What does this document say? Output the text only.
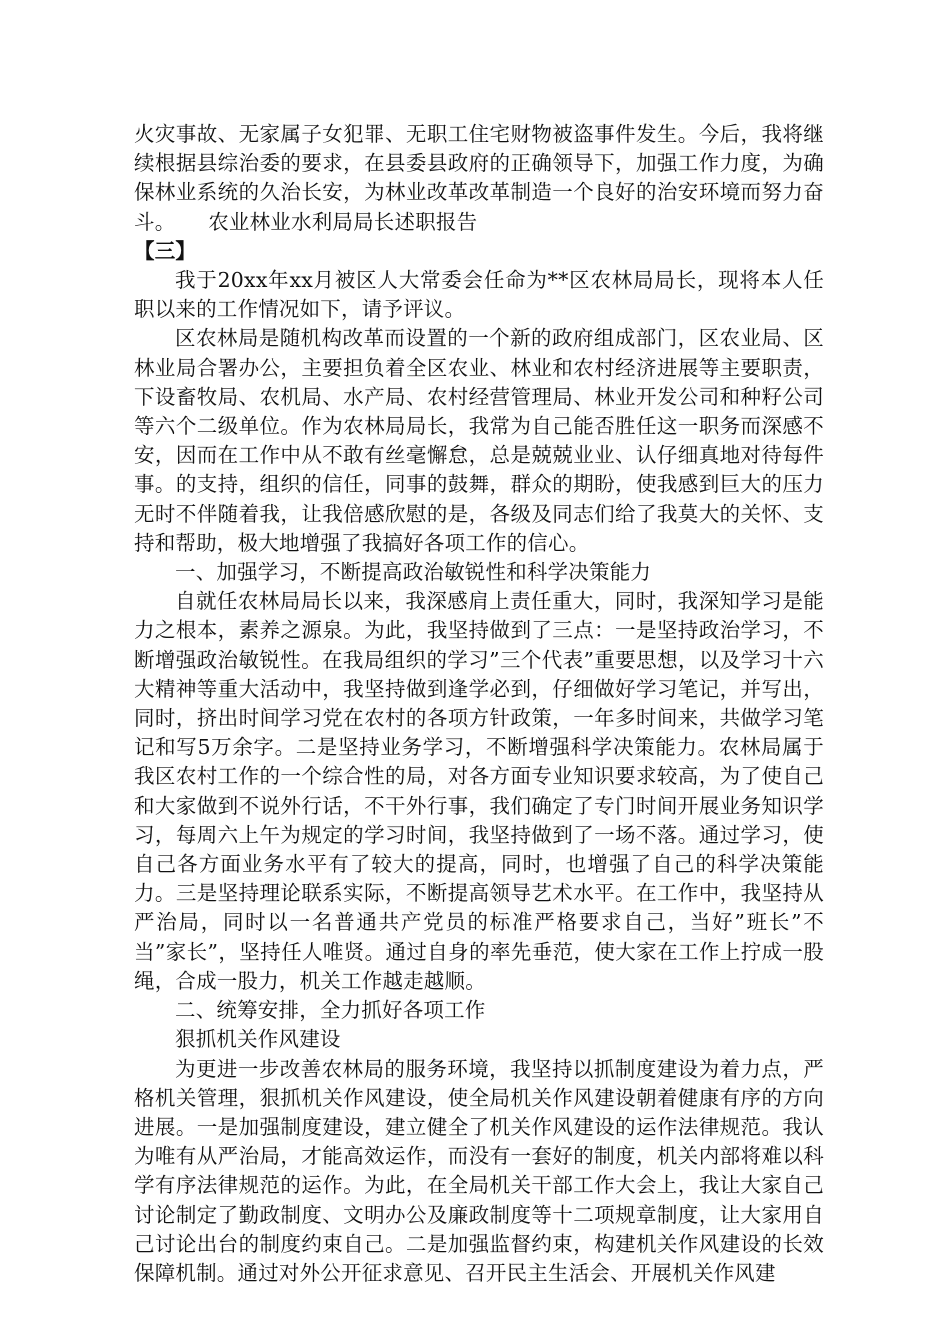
火灾事故、无家属子女犯罪、无职工住宅财物被盗事件发生。今后，我将继续根据县综治委的要求，在县委县政府的正确领导下，加强工作力度，为确保林业系统的久治长安，为林业改革改革制造一个良好的治安环境而努力奋斗。 农业林业水利局局长述职报告

【三】

我于20xx年xx月被区人大常委会任命为**区农林局局长，现将本人任职以来的工作情况如下，请予评议。

区农林局是随机构改革而设置的一个新的政府组成部门，区农业局、区林业局合署办公，主要担负着全区农业、林业和农村经济进展等主要职责，下设畜牧局、农机局、水产局、农村经营管理局、林业开发公司和种籽公司等六个二级单位。作为农林局局长，我常为自己能否胜任这一职务而深感不安，因而在工作中从不敢有丝毫懈怠，总是兢兢业业、认仔细真地对待每件事。的支持，组织的信任，同事的鼓舞，群众的期盼，使我感到巨大的压力无时不伴随着我，让我倍感欣慰的是，各级及同志们给了我莫大的关怀、支持和帮助，极大地增强了我搞好各项工作的信心。

一、加强学习，不断提高政治敏锐性和科学决策能力

自就任农林局局长以来，我深感肩上责任重大，同时，我深知学习是能力之根本，素养之源泉。为此，我坚持做到了三点：一是坚持政治学习，不断增强政治敏锐性。在我局组织的学习”三个代表”重要思想，以及学习十六大精神等重大活动中，我坚持做到逢学必到，仔细做好学习笔记，并写出，同时，挤出时间学习党在农村的各项方针政策，一年多时间来，共做学习笔记和写5万余字。二是坚持业务学习，不断增强科学决策能力。农林局属于我区农村工作的一个综合性的局，对各方面专业知识要求较高，为了使自己和大家做到不说外行话，不干外行事，我们确定了专门时间开展业务知识学习，每周六上午为规定的学习时间，我坚持做到了一场不落。通过学习，使自己各方面业务水平有了较大的提高，同时，也增强了自己的科学决策能力。三是坚持理论联系实际，不断提高领导艺术水平。在工作中，我坚持从严治局，同时以一名普通共产党员的标准严格要求自己，当好”班长”不当”家长”，坚持任人唯贤。通过自身的率先垂范，使大家在工作上拧成一股绳，合成一股力，机关工作越走越顺。

二、统筹安排，全力抓好各项工作

狠抓机关作风建设

为更进一步改善农林局的服务环境，我坚持以抓制度建设为着力点，严格机关管理，狠抓机关作风建设，使全局机关作风建设朝着健康有序的方向进展。一是加强制度建设，建立健全了机关作风建设的运作法律规范。我认为唯有从严治局，才能高效运作，而没有一套好的制度，机关内部将难以科学有序法律规范的运作。为此，在全局机关干部工作大会上，我让大家自己讨论制定了勤政制度、文明办公及廉政制度等十二项规章制度，让大家用自己讨论出台的制度约束自己。二是加强监督约束，构建机关作风建设的长效保障机制。通过对外公开征求意见、召开民主生活会、开展机关作风建
